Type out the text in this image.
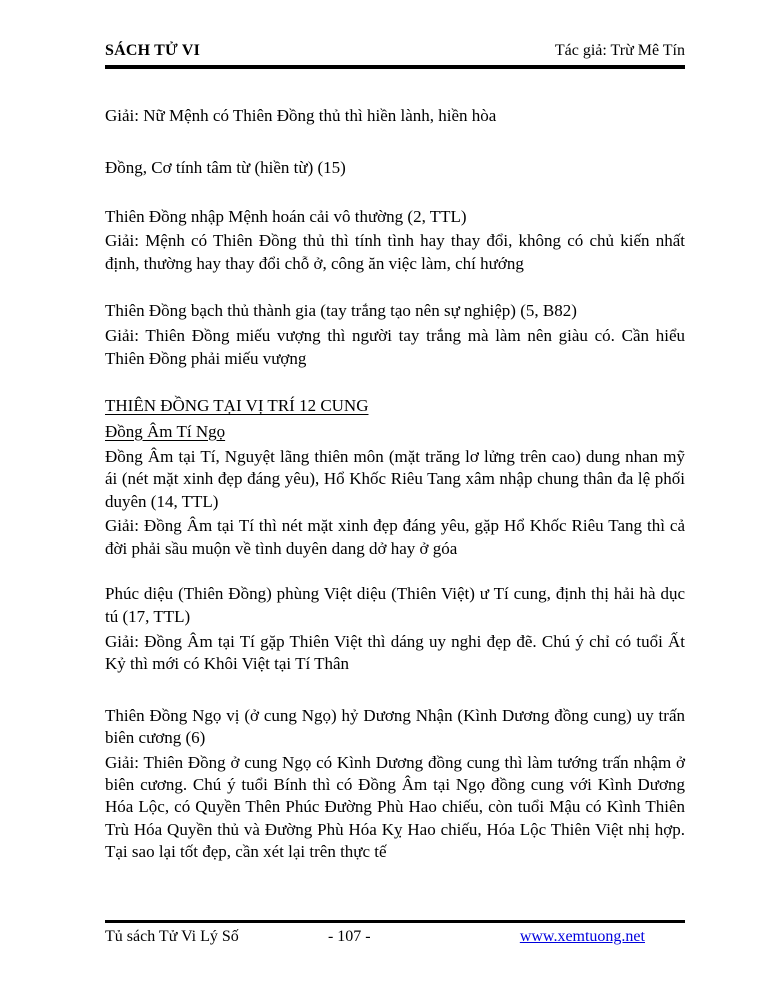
SÁCH TỬ VI	Tác giả: Trừ Mê Tín

Giải: Nữ Mệnh có Thiên Đồng thủ thì hiền lành, hiền hòa

Đồng, Cơ tính tâm từ (hiền từ) (15)

Thiên Đồng nhập Mệnh hoán cải vô thường (2, TTL)

Giải: Mệnh có Thiên Đồng thủ thì tính tình hay thay đổi, không có chủ kiến nhất định, thường hay thay đổi chỗ ở, công ăn việc làm, chí hướng

Thiên Đồng bạch thủ thành gia (tay trắng tạo nên sự nghiệp) (5, B82)

Giải: Thiên Đồng miếu vượng thì người tay trắng mà làm nên giàu có. Cần hiểu Thiên Đồng phải miếu vượng

THIÊN ĐỒNG TẠI VỊ TRÍ 12 CUNG

Đồng Âm Tí Ngọ

Đồng Âm tại Tí, Nguyệt lãng thiên môn (mặt trăng lơ lửng trên cao) dung nhan mỹ ái (nét mặt xinh đẹp đáng yêu), Hổ Khốc Riêu Tang xâm nhập chung thân đa lệ phối duyên (14, TTL)

Giải: Đồng Âm tại Tí thì nét mặt xinh đẹp đáng yêu, gặp Hổ Khốc Riêu Tang thì cả đời phải sầu muộn về tình duyên dang dở hay ở góa

Phúc diệu (Thiên Đồng) phùng Việt diệu (Thiên Việt) ư Tí cung, định thị hải hà dục tú (17, TTL)

Giải: Đồng Âm tại Tí gặp Thiên Việt thì dáng uy nghi đẹp đẽ. Chú ý chỉ có tuổi Ất Kỷ thì mới có Khôi Việt tại Tí Thân

Thiên Đồng Ngọ vị (ở cung Ngọ) hỷ Dương Nhận (Kình Dương đồng cung) uy trấn biên cương (6)

Giải: Thiên Đồng ở cung Ngọ có Kình Dương đồng cung thì làm tướng trấn nhậm ở biên cương. Chú ý tuổi Bính thì có Đồng Âm tại Ngọ đồng cung với Kình Dương Hóa Lộc, có Quyền Thên Phúc Đường Phù Hao chiếu, còn tuổi Mậu có Kình Thiên Trù Hóa Quyền thủ và Đường Phù Hóa Kỵ Hao chiếu, Hóa Lộc Thiên Việt nhị hợp. Tại sao lại tốt đẹp, cần xét lại trên thực tế

Tủ sách Tử Vi Lý Số	- 107 -	www.xemtuong.net
